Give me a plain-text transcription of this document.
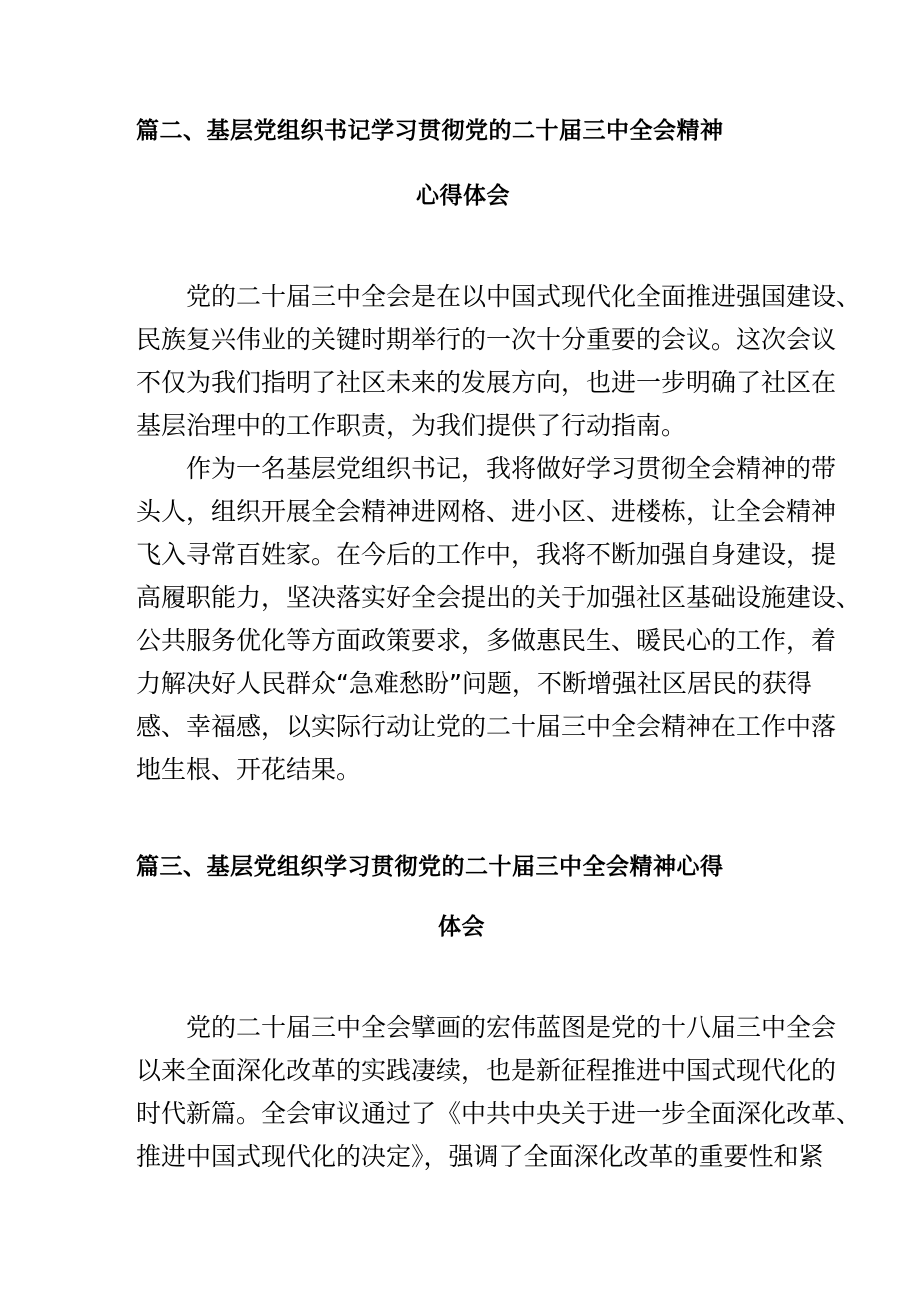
篇二、基层党组织书记学习贯彻党的二十届三中全会精神
心得体会
　　党的二十届三中全会是在以中国式现代化全面推进强国建设、
民族复兴伟业的关键时期举行的一次十分重要的会议。这次会议
不仅为我们指明了社区未来的发展方向，也进一步明确了社区在
基层治理中的工作职责，为我们提供了行动指南。
　　作为一名基层党组织书记，我将做好学习贯彻全会精神的带
头人，组织开展全会精神进网格、进小区、进楼栋，让全会精神
飞入寻常百姓家。在今后的工作中，我将不断加强自身建设，提
高履职能力，坚决落实好全会提出的关于加强社区基础设施建设、
公共服务优化等方面政策要求，多做惠民生、暖民心的工作，着
力解决好人民群众“急难愁盼”问题，不断增强社区居民的获得
感、幸福感，以实际行动让党的二十届三中全会精神在工作中落
地生根、开花结果。
篇三、基层党组织学习贯彻党的二十届三中全会精神心得
体会
　　党的二十届三中全会擘画的宏伟蓝图是党的十八届三中全会
以来全面深化改革的实践凄续，也是新征程推进中国式现代化的
时代新篇。全会审议通过了《中共中央关于进一步全面深化改革、
推进中国式现代化的决定》，强调了全面深化改革的重要性和紧
